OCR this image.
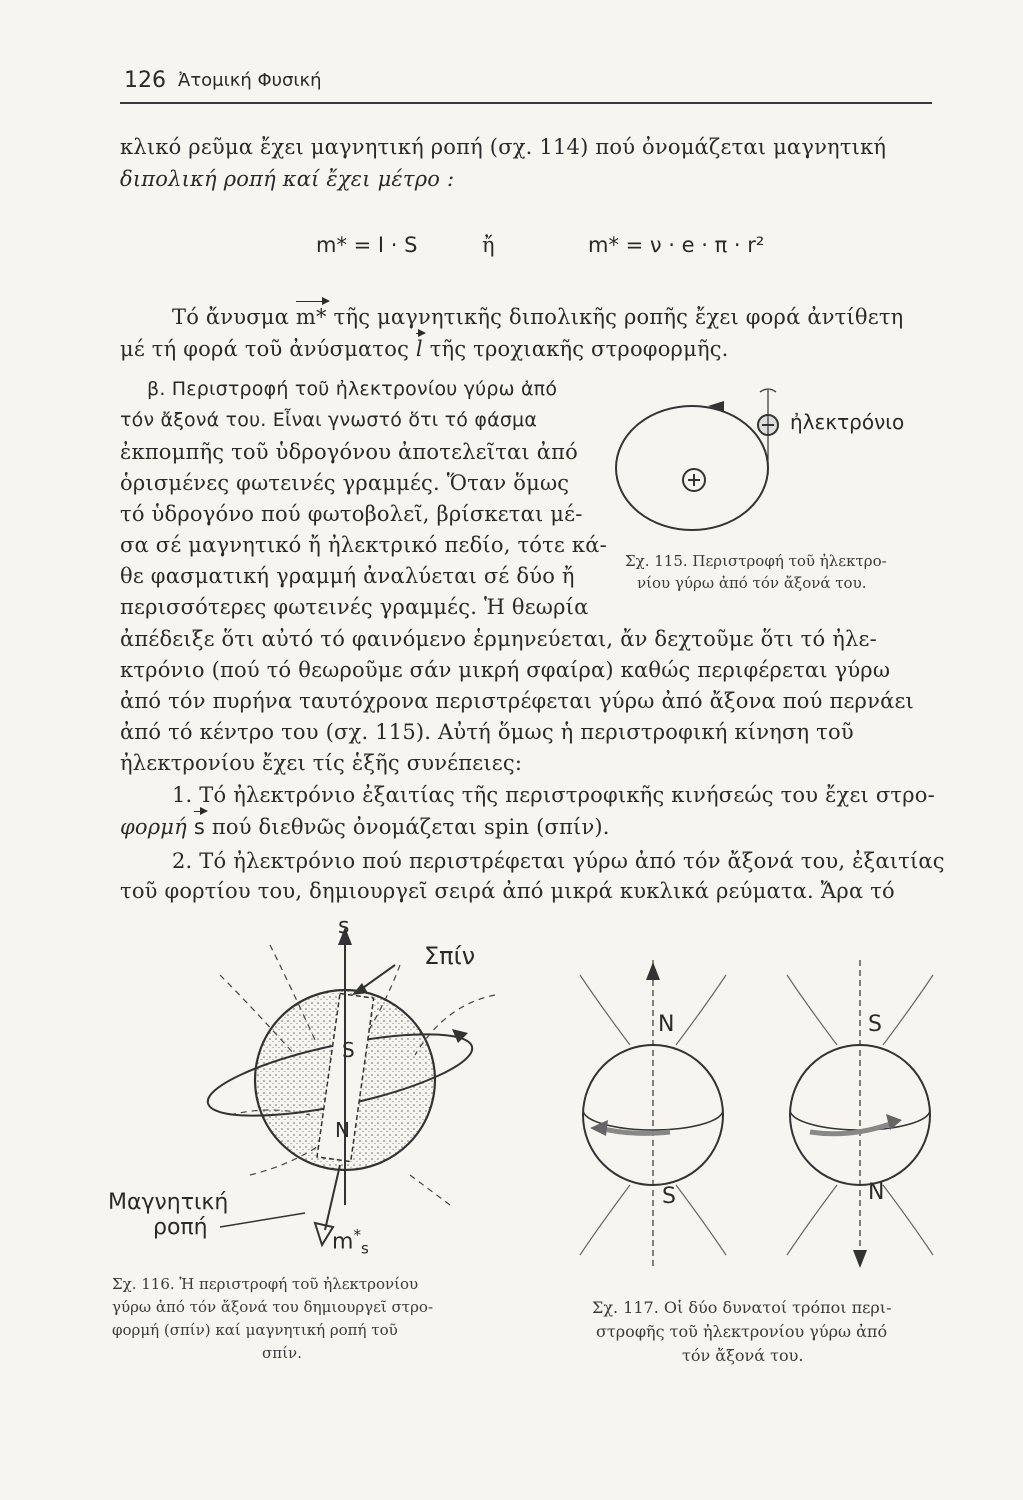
126 Ἀτομική Φυσική
κλικό ρεῦμα ἔχει μαγνητική ροπή (σχ. 114) πού ὀνομάζεται μαγνητική
διπολική ροπή καί ἔχει μέτρο :
m* = I · S	ἤ	m* = ν · e · π · r²
Τό ἄνυσμα m* τῆς μαγνητικῆς διπολικῆς ροπῆς ἔχει φορά ἀντίθετη
μέ τή φορά τοῦ ἀνύσματος l τῆς τροχιακῆς στροφορμῆς.
β. Περιστροφή τοῦ ἠλεκτρονίου γύρω ἀπό
τόν ἄξονά του. Εἶναι γνωστό ὅτι τό φάσμα
ἐκπομπῆς τοῦ ὑδρογόνου ἀποτελεῖται ἀπό
ὁρισμένες φωτεινές γραμμές. Ὅταν ὅμως
τό ὑδρογόνο πού φωτοβολεῖ, βρίσκεται μέ-
σα σέ μαγνητικό ἤ ἠλεκτρικό πεδίο, τότε κά-
θε φασματική γραμμή ἀναλύεται σέ δύο ἤ
περισσότερες φωτεινές γραμμές. Ἡ θεωρία
ἠλεκτρόνιο
Σχ. 115. Περιστροφή τοῦ ἠλεκτρο-
νίου γύρω ἀπό τόν ἄξονά του.
ἀπέδειξε ὅτι αὐτό τό φαινόμενο ἑρμηνεύεται, ἄν δεχτοῦμε ὅτι τό ἠλε-
κτρόνιο (πού τό θεωροῦμε σάν μικρή σφαίρα) καθώς περιφέρεται γύρω
ἀπό τόν πυρήνα ταυτόχρονα περιστρέφεται γύρω ἀπό ἄξονα πού περνάει
ἀπό τό κέντρο του (σχ. 115). Αὐτή ὅμως ἡ περιστροφική κίνηση τοῦ
ἠλεκτρονίου ἔχει τίς ἑξῆς συνέπειες:
1. Τό ἠλεκτρόνιο ἐξαιτίας τῆς περιστροφικῆς κινήσεώς του ἔχει στρο-
φορμή s πού διεθνῶς ὀνομάζεται spin (σπίν).
2. Τό ἠλεκτρόνιο πού περιστρέφεται γύρω ἀπό τόν ἄξονά του, ἐξαιτίας
τοῦ φορτίου του, δημιουργεῖ σειρά ἀπό μικρά κυκλικά ρεύματα. Ἄρα τό
s
Σπίν
S
N
Μαγνητική
ροπή
$m^*_s$
Σχ. 116. Ἡ περιστροφή τοῦ ἠλεκτρονίου
γύρω ἀπό τόν ἄξονά του δημιουργεῖ στρο-
φορμή (σπίν) καί μαγνητική ροπή τοῦ
σπίν.
N
S
S
N
Σχ. 117. Οἱ δύο δυνατοί τρόποι περι-
στροφῆς τοῦ ἠλεκτρονίου γύρω ἀπό
τόν ἄξονά του.
